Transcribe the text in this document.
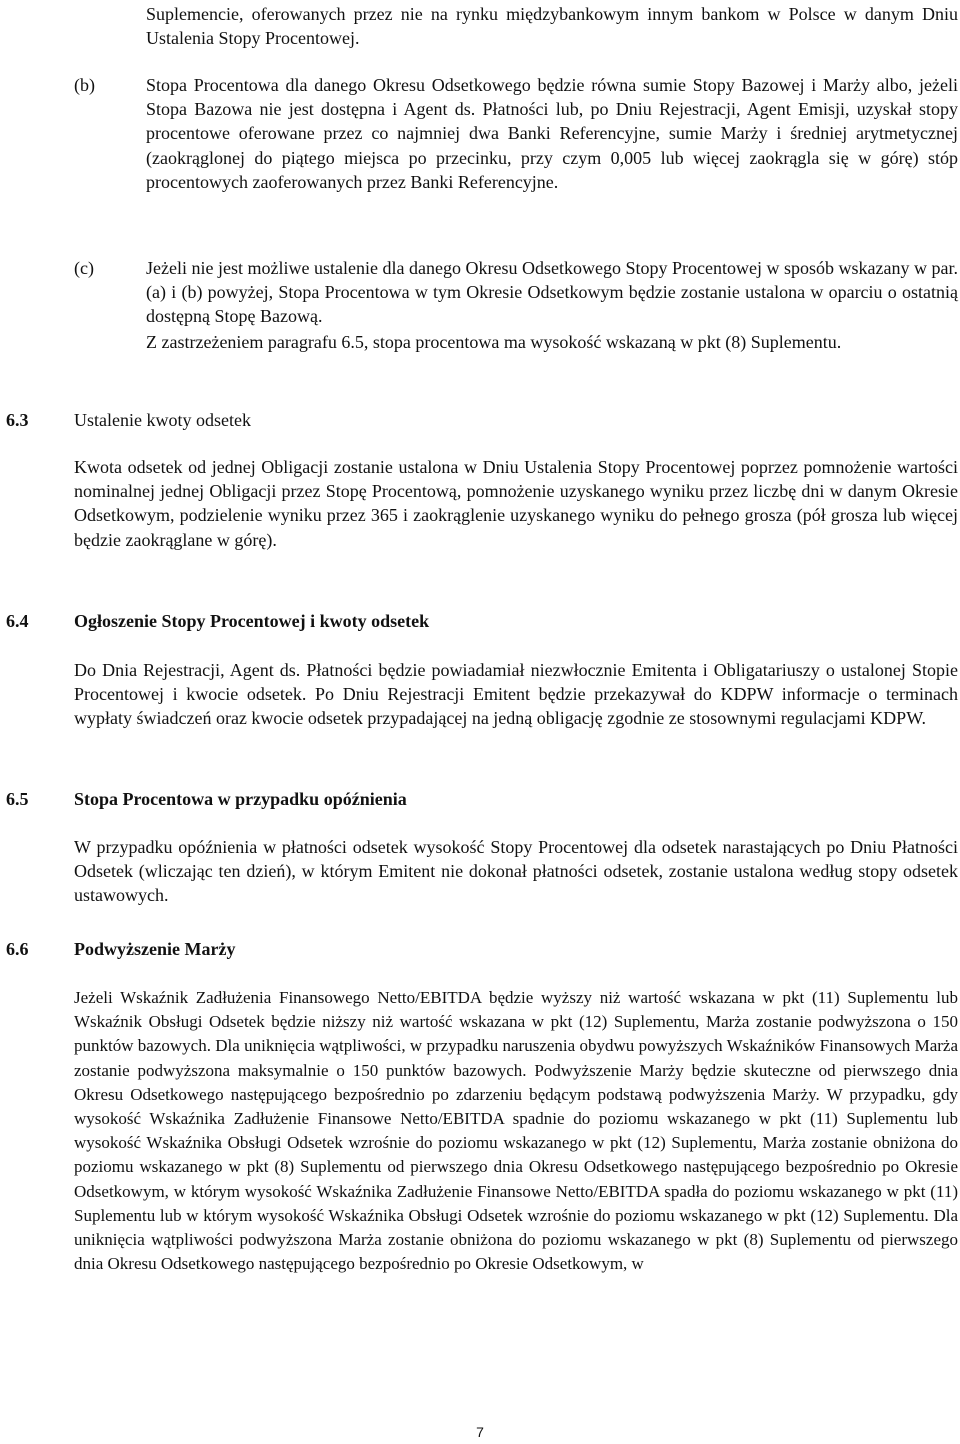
Suplemencie, oferowanych przez nie na rynku międzybankowym innym bankom w Polsce w danym Dniu Ustalenia Stopy Procentowej.

(b)	Stopa Procentowa dla danego Okresu Odsetkowego będzie równa sumie Stopy Bazowej i Marży albo, jeżeli Stopa Bazowa nie jest dostępna i Agent ds. Płatności lub, po Dniu Rejestracji, Agent Emisji, uzyskał stopy procentowe oferowane przez co najmniej dwa Banki Referencyjne, sumie Marży i średniej arytmetycznej (zaokrąglonej do piątego miejsca po przecinku, przy czym 0,005 lub więcej zaokrągla się w górę) stóp procentowych zaoferowanych przez Banki Referencyjne.

(c)	Jeżeli nie jest możliwe ustalenie dla danego Okresu Odsetkowego Stopy Procentowej w sposób wskazany w par. (a) i (b) powyżej, Stopa Procentowa w tym Okresie Odsetkowym będzie zostanie ustalona w oparciu o ostatnią dostępną Stopę Bazową.

Z zastrzeżeniem paragrafu 6.5, stopa procentowa ma wysokość wskazaną w pkt (8) Suplementu.

6.3	Ustalenie kwoty odsetek

Kwota odsetek od jednej Obligacji zostanie ustalona w Dniu Ustalenia Stopy Procentowej poprzez pomnożenie wartości nominalnej jednej Obligacji przez Stopę Procentową, pomnożenie uzyskanego wyniku przez liczbę dni w danym Okresie Odsetkowym, podzielenie wyniku przez 365 i zaokrąglenie uzyskanego wyniku do pełnego grosza (pół grosza lub więcej będzie zaokrąglane w górę).

6.4	Ogłoszenie Stopy Procentowej i kwoty odsetek

Do Dnia Rejestracji, Agent ds. Płatności będzie powiadamiał niezwłocznie Emitenta i Obligatariuszy o ustalonej Stopie Procentowej i kwocie odsetek. Po Dniu Rejestracji Emitent będzie przekazywał do KDPW informacje o terminach wypłaty świadczeń oraz kwocie odsetek przypadającej na jedną obligację zgodnie ze stosownymi regulacjami KDPW.

6.5	Stopa Procentowa w przypadku opóźnienia

W przypadku opóźnienia w płatności odsetek wysokość Stopy Procentowej dla odsetek narastających po Dniu Płatności Odsetek (wliczając ten dzień), w którym Emitent nie dokonał płatności odsetek, zostanie ustalona według stopy odsetek ustawowych.

6.6	Podwyższenie Marży

Jeżeli Wskaźnik Zadłużenia Finansowego Netto/EBITDA będzie wyższy niż wartość wskazana w pkt (11) Suplementu lub Wskaźnik Obsługi Odsetek będzie niższy niż wartość wskazana w pkt (12) Suplementu, Marża zostanie podwyższona o 150 punktów bazowych. Dla uniknięcia wątpliwości, w przypadku naruszenia obydwu powyższych Wskaźników Finansowych Marża zostanie podwyższona maksymalnie o 150 punktów bazowych. Podwyższenie Marży będzie skuteczne od pierwszego dnia Okresu Odsetkowego następującego bezpośrednio po zdarzeniu będącym podstawą podwyższenia Marży. W przypadku, gdy wysokość Wskaźnika Zadłużenie Finansowe Netto/EBITDA spadnie do poziomu wskazanego w pkt (11) Suplementu lub wysokość Wskaźnika Obsługi Odsetek wzrośnie do poziomu wskazanego w pkt (12) Suplementu, Marża zostanie obniżona do poziomu wskazanego w pkt (8) Suplementu od pierwszego dnia Okresu Odsetkowego następującego bezpośrednio po Okresie Odsetkowym, w którym wysokość Wskaźnika Zadłużenie Finansowe Netto/EBITDA spadła do poziomu wskazanego w pkt (11) Suplementu lub w którym wysokość Wskaźnika Obsługi Odsetek wzrośnie do poziomu wskazanego w pkt (12) Suplementu. Dla uniknięcia wątpliwości podwyższona Marża zostanie obniżona do poziomu wskazanego w pkt (8) Suplementu od pierwszego dnia Okresu Odsetkowego następującego bezpośrednio po Okresie Odsetkowym, w

7
